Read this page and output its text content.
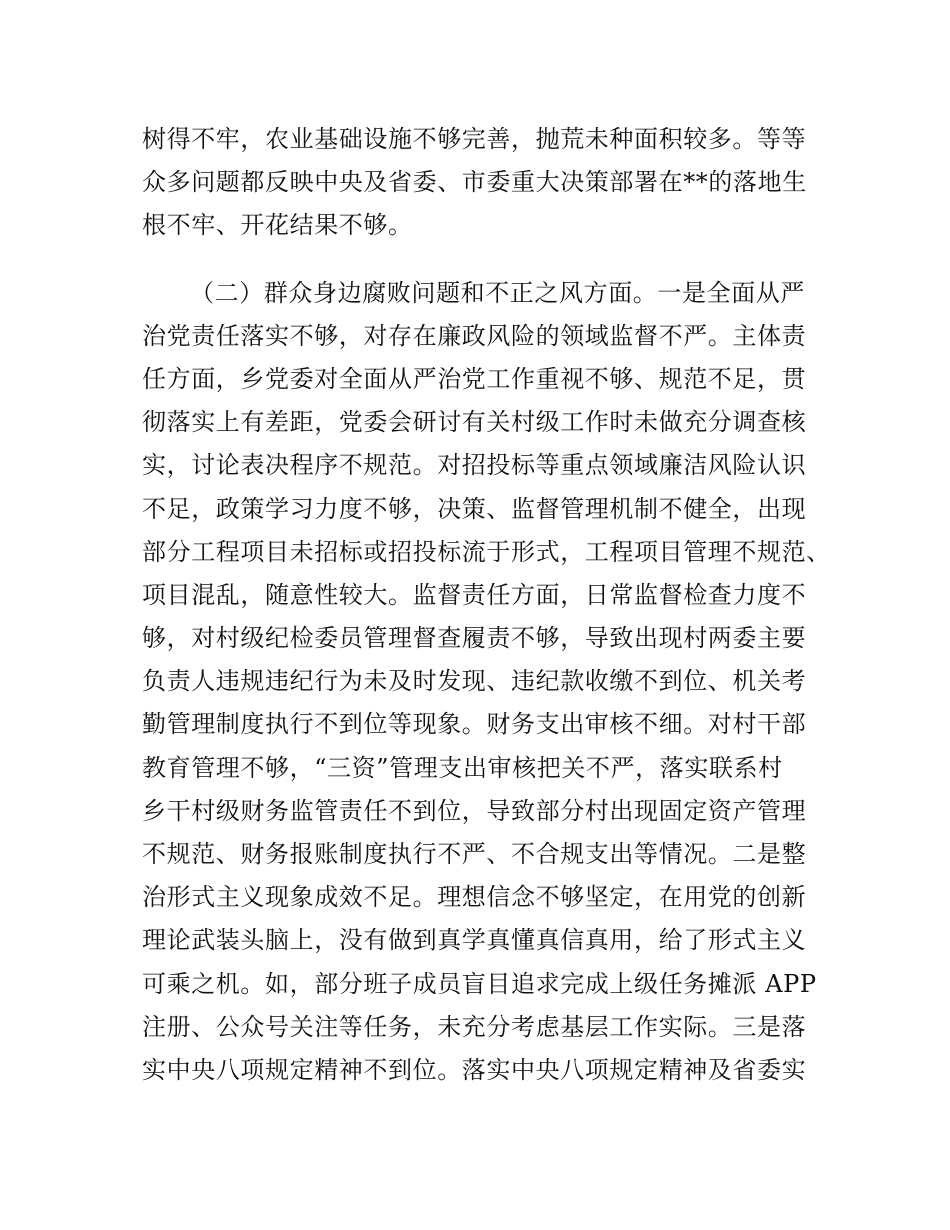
树得不牢，农业基础设施不够完善，抛荒未种面积较多。等等
众多问题都反映中央及省委、市委重大决策部署在**的落地生
根不牢、开花结果不够。

（二）群众身边腐败问题和不正之风方面。一是全面从严
治党责任落实不够，对存在廉政风险的领域监督不严。主体责
任方面，乡党委对全面从严治党工作重视不够、规范不足，贯
彻落实上有差距，党委会研讨有关村级工作时未做充分调查核
实，讨论表决程序不规范。对招投标等重点领域廉洁风险认识
不足，政策学习力度不够，决策、监督管理机制不健全，出现
部分工程项目未招标或招投标流于形式，工程项目管理不规范、
项目混乱，随意性较大。监督责任方面，日常监督检查力度不
够，对村级纪检委员管理督查履责不够，导致出现村两委主要
负责人违规违纪行为未及时发现、违纪款收缴不到位、机关考
勤管理制度执行不到位等现象。财务支出审核不细。对村干部
教育管理不够，“三资”管理支出审核把关不严，落实联系村
乡干村级财务监管责任不到位，导致部分村出现固定资产管理
不规范、财务报账制度执行不严、不合规支出等情况。二是整
治形式主义现象成效不足。理想信念不够坚定，在用党的创新
理论武装头脑上，没有做到真学真懂真信真用，给了形式主义
可乘之机。如，部分班子成员盲目追求完成上级任务摊派 APP
注册、公众号关注等任务，未充分考虑基层工作实际。三是落
实中央八项规定精神不到位。落实中央八项规定精神及省委实
